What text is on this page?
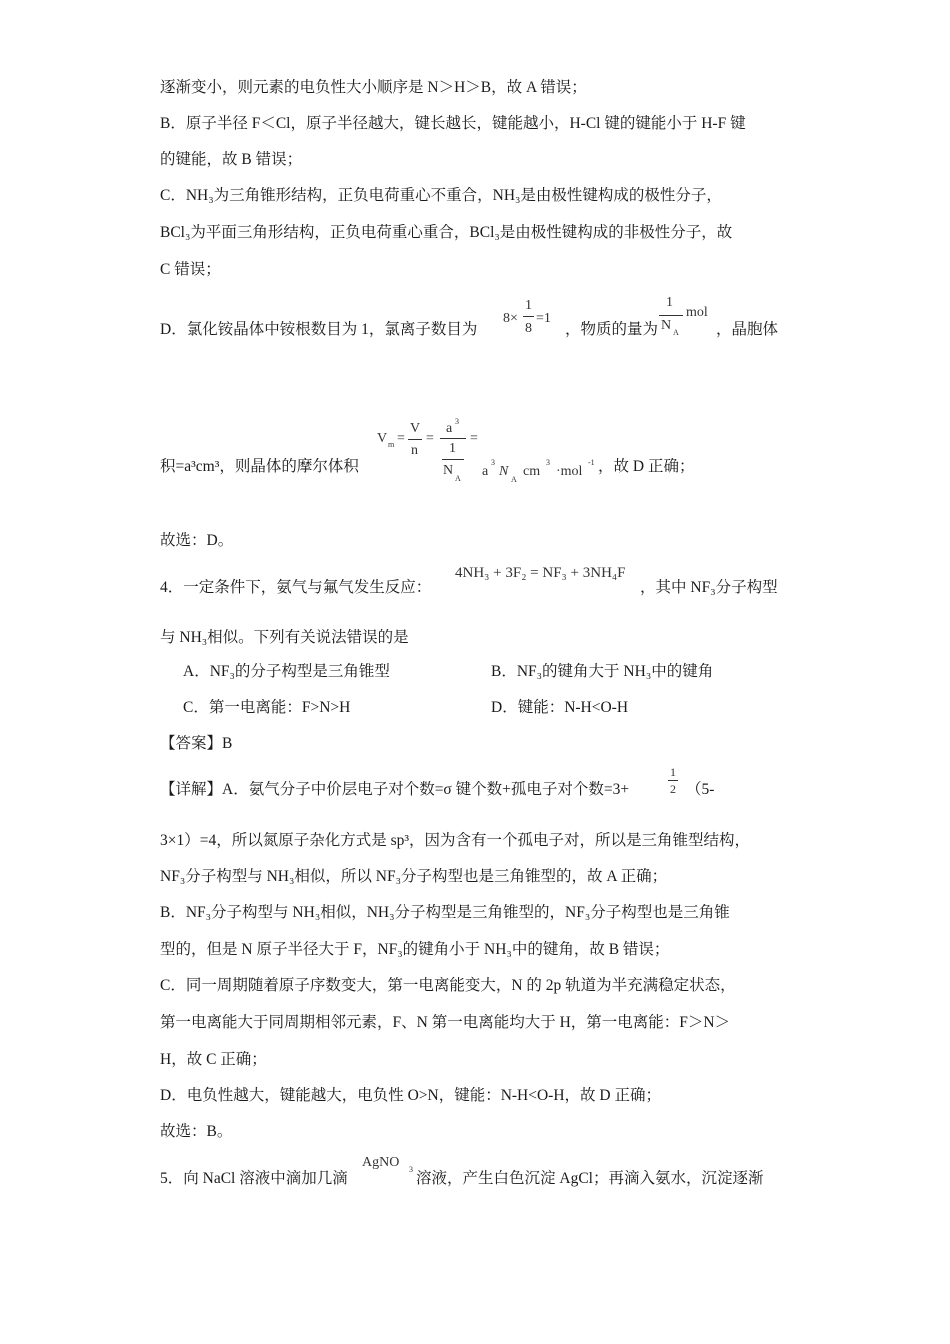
逐渐变小，则元素的电负性大小顺序是 N＞H＞B，故 A 错误；
B．原子半径 F＜Cl，原子半径越大，键长越长，键能越小，H-Cl 键的键能小于 H-F 键
的键能，故 B 错误；
C．NH₃为三角锥形结构，正负电荷重心不重合，NH₃是由极性键构成的极性分子，
BCl₃为平面三角形结构，正负电荷重心重合，BCl₃是由极性键构成的非极性分子，故
C 错误；
D．氯化铵晶体中铵根数目为 1，氯离子数目为
8×
1
8
=1
，物质的量为
1
N A
mol
，晶胞体
积=a³cm³，则晶体的摩尔体积
V m =
V
n
=
a 3
1
N
A
=
a
3
N
A
cm
3
·mol
-1 ，故 D 正确；
故选：D。
4．一定条件下，氨气与氟气发生反应：
4NH₃ + 3F₂ = NF₃ + 3NH₄F
，其中 NF₃分子构型
与 NH₃相似。下列有关说法错误的是
A．NF₃的分子构型是三角锥型	B．NF₃的键角大于 NH₃中的键角
C．第一电离能：F>N>H	D．键能：N-H<O-H
【答案】B
【详解】A．氨气分子中价层电子对个数=σ 键个数+孤电子对个数=3+
1
2 （5-
3×1）=4，所以氮原子杂化方式是 sp³，因为含有一个孤电子对，所以是三角锥型结构，
NF₃分子构型与 NH₃相似，所以 NF₃分子构型也是三角锥型的，故 A 正确；
B．NF₃分子构型与 NH₃相似，NH₃分子构型是三角锥型的，NF₃分子构型也是三角锥
型的，但是 N 原子半径大于 F，NF₃的键角小于 NH₃中的键角，故 B 错误；
C．同一周期随着原子序数变大，第一电离能变大，N 的 2p 轨道为半充满稳定状态，
第一电离能大于同周期相邻元素，F、N 第一电离能均大于 H，第一电离能：F＞N＞
H，故 C 正确；
D．电负性越大，键能越大，电负性 O>N，键能：N-H<O-H，故 D 正确；
故选：B。
5．向 NaCl 溶液中滴加几滴
AgNO 3
溶液，产生白色沉淀 AgCl；再滴入氨水，沉淀逐渐
